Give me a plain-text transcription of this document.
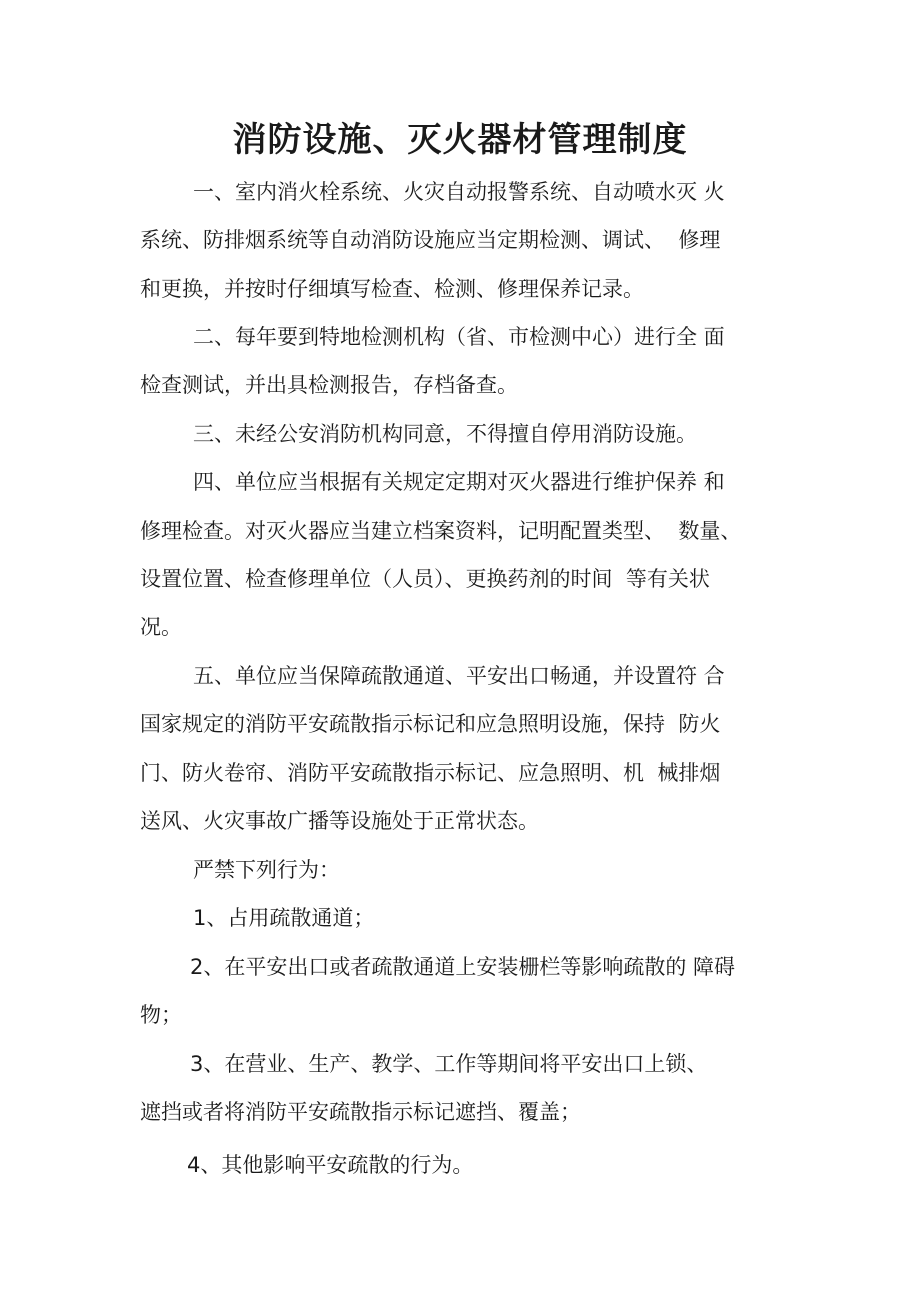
消防设施、灭火器材管理制度

一、室内消火栓系统、火灾自动报警系统、自动喷水灭 火

系统、防排烟系统等自动消防设施应当定期检测、调试、  修理

和更换，并按时仔细填写检查、检测、修理保养记录。

二、每年要到特地检测机构（省、市检测中心）进行全 面

检查测试，并出具检测报告，存档备查。

三、未经公安消防机构同意，不得擅自停用消防设施。

四、单位应当根据有关规定定期对灭火器进行维护保养 和

修理检查。对灭火器应当建立档案资料，记明配置类型、  数量、

设置位置、检查修理单位（人员）、更换药剂的时间  等有关状

况。

五、单位应当保障疏散通道、平安出口畅通，并设置符 合

国家规定的消防平安疏散指示标记和应急照明设施，保持  防火

门、防火卷帘、消防平安疏散指示标记、应急照明、机  械排烟

送风、火灾事故广播等设施处于正常状态。

严禁下列行为：

1、占用疏散通道；

2、在平安出口或者疏散通道上安装栅栏等影响疏散的 障碍

物；

3、在营业、生产、教学、工作等期间将平安出口上锁、

遮挡或者将消防平安疏散指示标记遮挡、覆盖；

4、其他影响平安疏散的行为。
